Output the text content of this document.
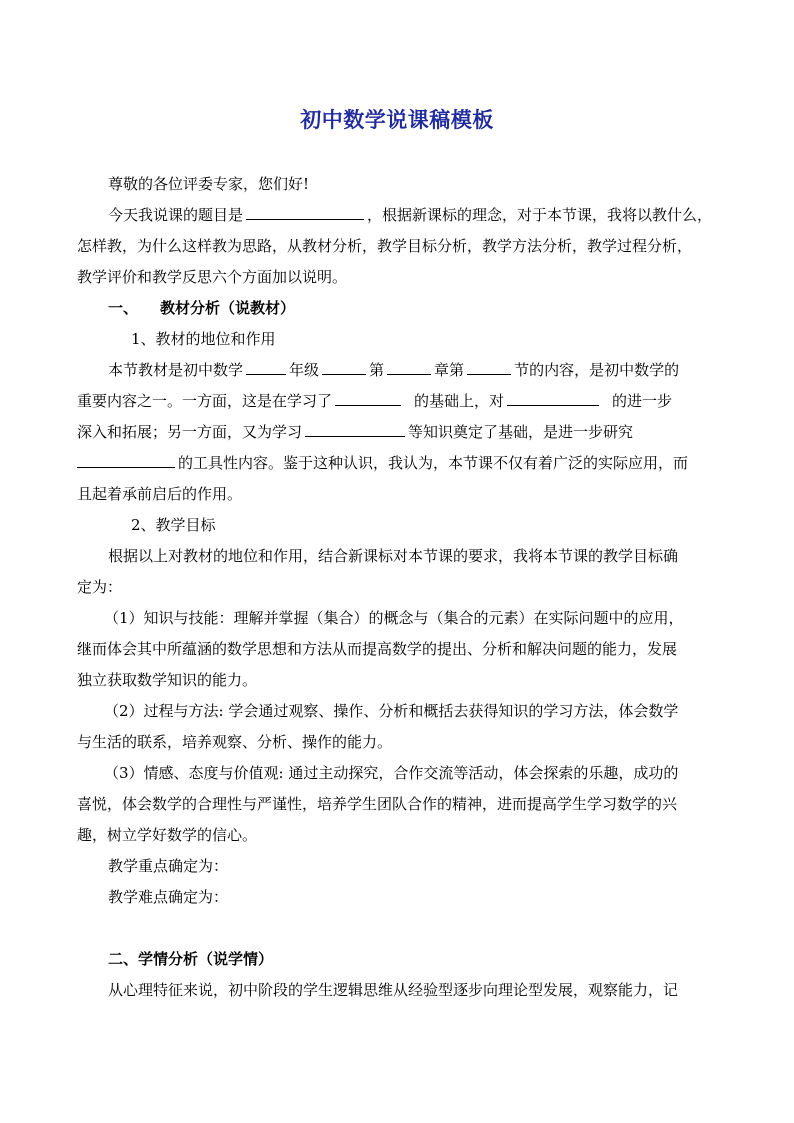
初中数学说课稿模板
尊敬的各位评委专家，您们好!
今天我说课的题目是	，根据新课标的理念，对于本节课，我将以教什么，
怎样教，为什么这样教为思路，从教材分析，教学目标分析，教学方法分析，教学过程分析，
教学评价和教学反思六个方面加以说明。
一、 教材分析（说教材）
1、教材的地位和作用
本节教材是初中数学	年级	第	章第	节的内容，是初中数学的
重要内容之一。一方面，这是在学习了	的基础上，对	的进一步
深入和拓展；另一方面，又为学习	等知识奠定了基础，是进一步研究
的工具性内容。鉴于这种认识，我认为，本节课不仅有着广泛的实际应用，而
且起着承前启后的作用。
2、教学目标
根据以上对教材的地位和作用，结合新课标对本节课的要求，我将本节课的教学目标确
定为：
（1）知识与技能：理解并掌握（集合）的概念与（集合的元素）在实际问题中的应用，
继而体会其中所蕴涵的数学思想和方法从而提高数学的提出、分析和解决问题的能力，发展
独立获取数学知识的能力。
（2）过程与方法: 学会通过观察、操作、分析和概括去获得知识的学习方法，体会数学
与生活的联系，培养观察、分析、操作的能力。
（3）情感、态度与价值观: 通过主动探究，合作交流等活动，体会探索的乐趣，成功的
喜悦，体会数学的合理性与严谨性，培养学生团队合作的精神，进而提高学生学习数学的兴
趣，树立学好数学的信心。
教学重点确定为：
教学难点确定为：
二、学情分析（说学情）
从心理特征来说，初中阶段的学生逻辑思维从经验型逐步向理论型发展，观察能力，记
